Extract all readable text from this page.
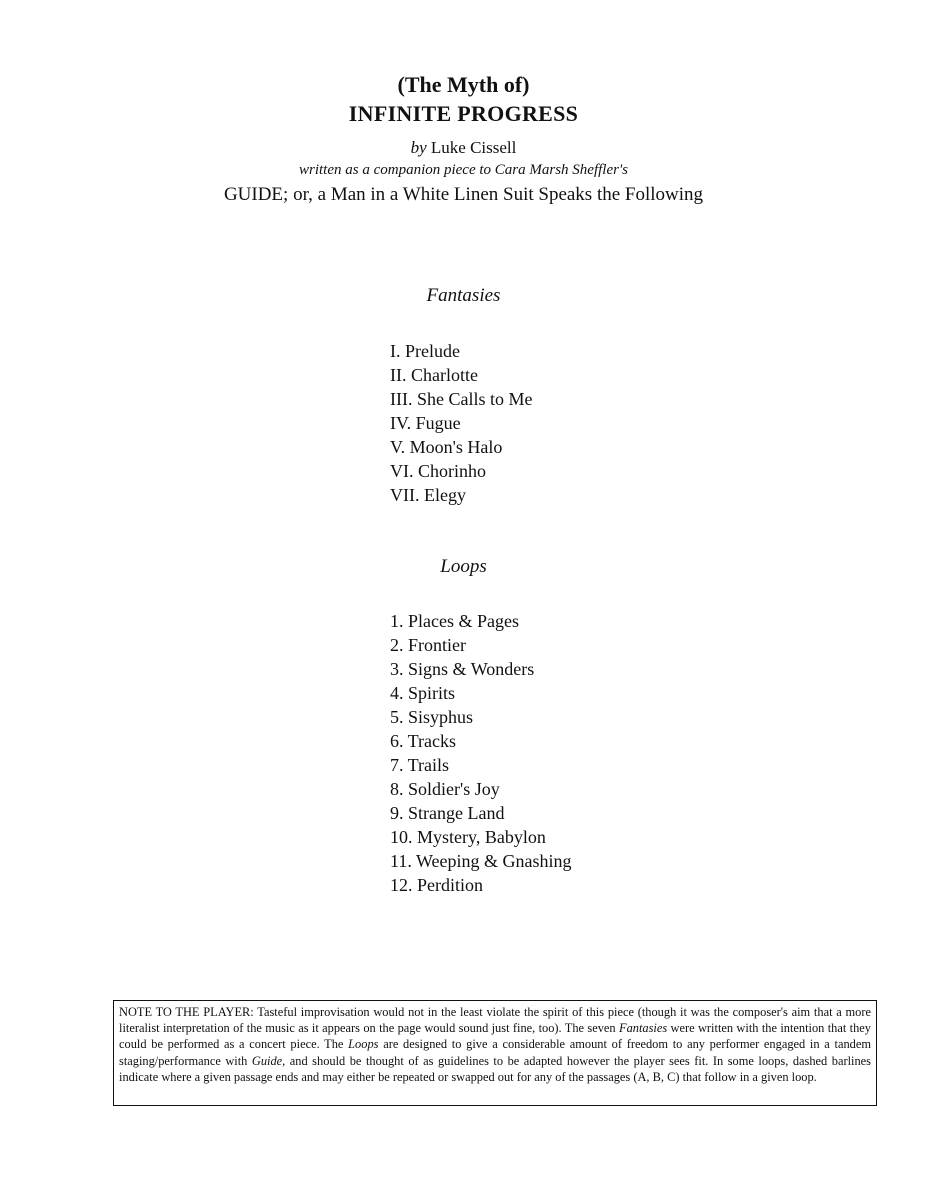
(The Myth of)
INFINITE PROGRESS
by Luke Cissell
written as a companion piece to Cara Marsh Sheffler's
GUIDE; or, a Man in a White Linen Suit Speaks the Following
Fantasies
I. Prelude
II. Charlotte
III. She Calls to Me
IV. Fugue
V. Moon's Halo
VI. Chorinho
VII. Elegy
Loops
1. Places & Pages
2. Frontier
3. Signs & Wonders
4. Spirits
5. Sisyphus
6. Tracks
7. Trails
8. Soldier's Joy
9. Strange Land
10. Mystery, Babylon
11. Weeping & Gnashing
12. Perdition
NOTE TO THE PLAYER: Tasteful improvisation would not in the least violate the spirit of this piece (though it was the composer's aim that a more literalist interpretation of the music as it appears on the page would sound just fine, too). The seven Fantasies were written with the intention that they could be performed as a concert piece. The Loops are designed to give a considerable amount of freedom to any performer engaged in a tandem staging/performance with Guide, and should be thought of as guidelines to be adapted however the player sees fit. In some loops, dashed barlines indicate where a given passage ends and may either be repeated or swapped out for any of the passages (A, B, C) that follow in a given loop.
